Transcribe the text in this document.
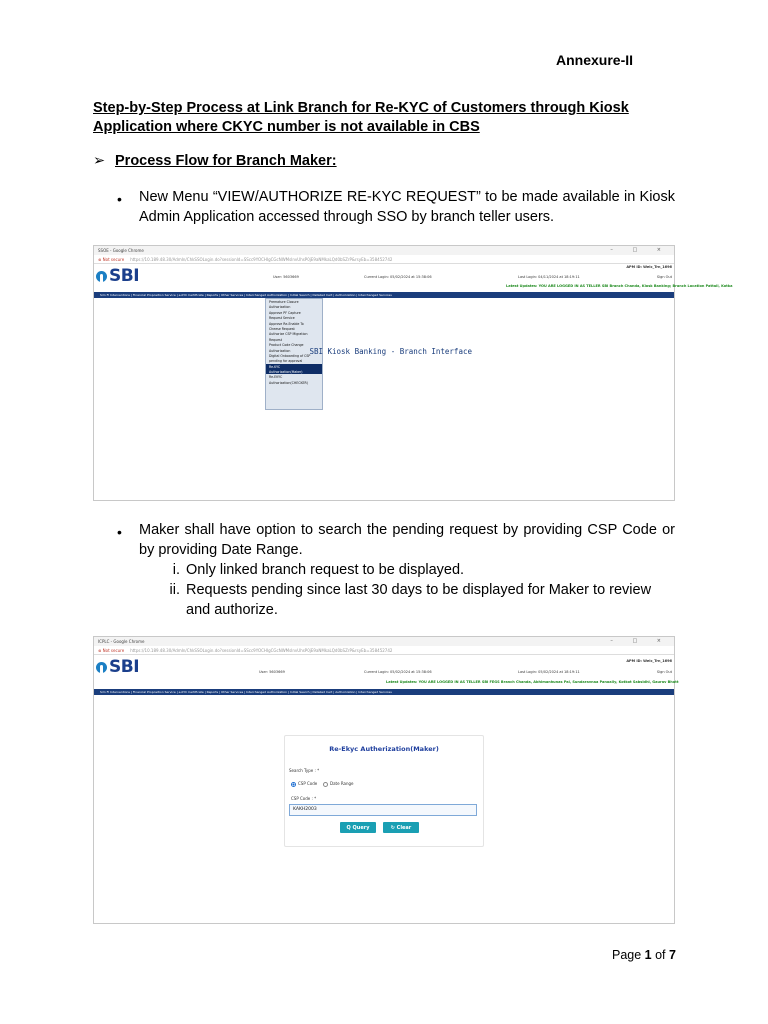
Annexure-II
Step-by-Step Process at Link Branch for Re-KYC of Customers through Kiosk Application where CKYC number is not available in CBS
➢ Process Flow for Branch Maker:
• New Menu “VIEW/AUTHORIZE RE-KYC REQUEST” to be made available in Kiosk Admin Application accessed through SSO by branch teller users.
SSOE - Google Chrome	– □ ×
⊗ Not secure https://10.189.48.30/AdmIn/ChkSSOLogin.do?sessionId=SScc9YOCHIgCGcNWMsInvUhsP0jE9aNMkaLQd0bSZrP&rsyEb=358452742
SBI	User: 5603669	Current Login: 05/02/2024 at 15:38:06	Last Login: 04/11/2024 at 18:19:11
APM ID: Welc_Trn_1696
Sign Out
Latest Updates: YOU ARE LOGGED IN AS TELLER SBI Branch Chanda, Kiosk Banking; Branch Location Pattali, Kotka
Sim Fl Interventions | Financial Proposition Service | e-KYC Certificate | Reports | Other Services | Interchanged Authorization | Initial Search | Detailed Cert | Authorization | Interchanged Services
Premature Closure
Authorization
Approve PF Capture
Request Service
Approve Re-Enable To
Cheese Request
Authorize CSP Migration
Request
Product Code Change
Authorization
Digital Onboarding of CSP
pending for approval
Re-KYC
Authorization(Maker)
Re-EKYC
Authorization(CHECKER)
SBI Kiosk Banking - Branch Interface
• Maker shall have option to search the pending request by providing CSP Code or by providing Date Range.
i. Only linked branch request to be displayed.
ii. Requests pending since last 30 days to be displayed for Maker to review and authorize.
ICPLC - Google Chrome	– □ ×
⊗ Not secure https://10.189.48.30/AdmIn/ChkSSOLogin.do?sessionId=SScc9YOCHIgCGcNWMsInvUhsP0jE9aNMkaLQd0bSZrP&rsyEb=358452742
SBI	User: 5603669	Current Login: 05/02/2024 at 15:38:06	Last Login: 05/02/2024 at 18:19:11
APM ID: Welc_Trn_1696
Sign Out
Latest Updates: YOU ARE LOGGED IN AS TELLER SBI FEGS Branch Chanda, Abhimanhunas Pal, Sundaravnaa Panoally, Kotkot Sabsidhi, Gaurav Bhatt
Sim Fl Interventions | Financial Proposition Service | e-KYC Certificate | Reports | Other Services | Interchanged Authorization | Initial Search | Detailed Cert | Authorization | Interchanged Services
Re-Ekyc Autherization(Maker)
Search Type : *
CSP Code	Date Range
CSP Code : *
KAKH2003
Q Query	↻ Clear
Page 1 of 7
